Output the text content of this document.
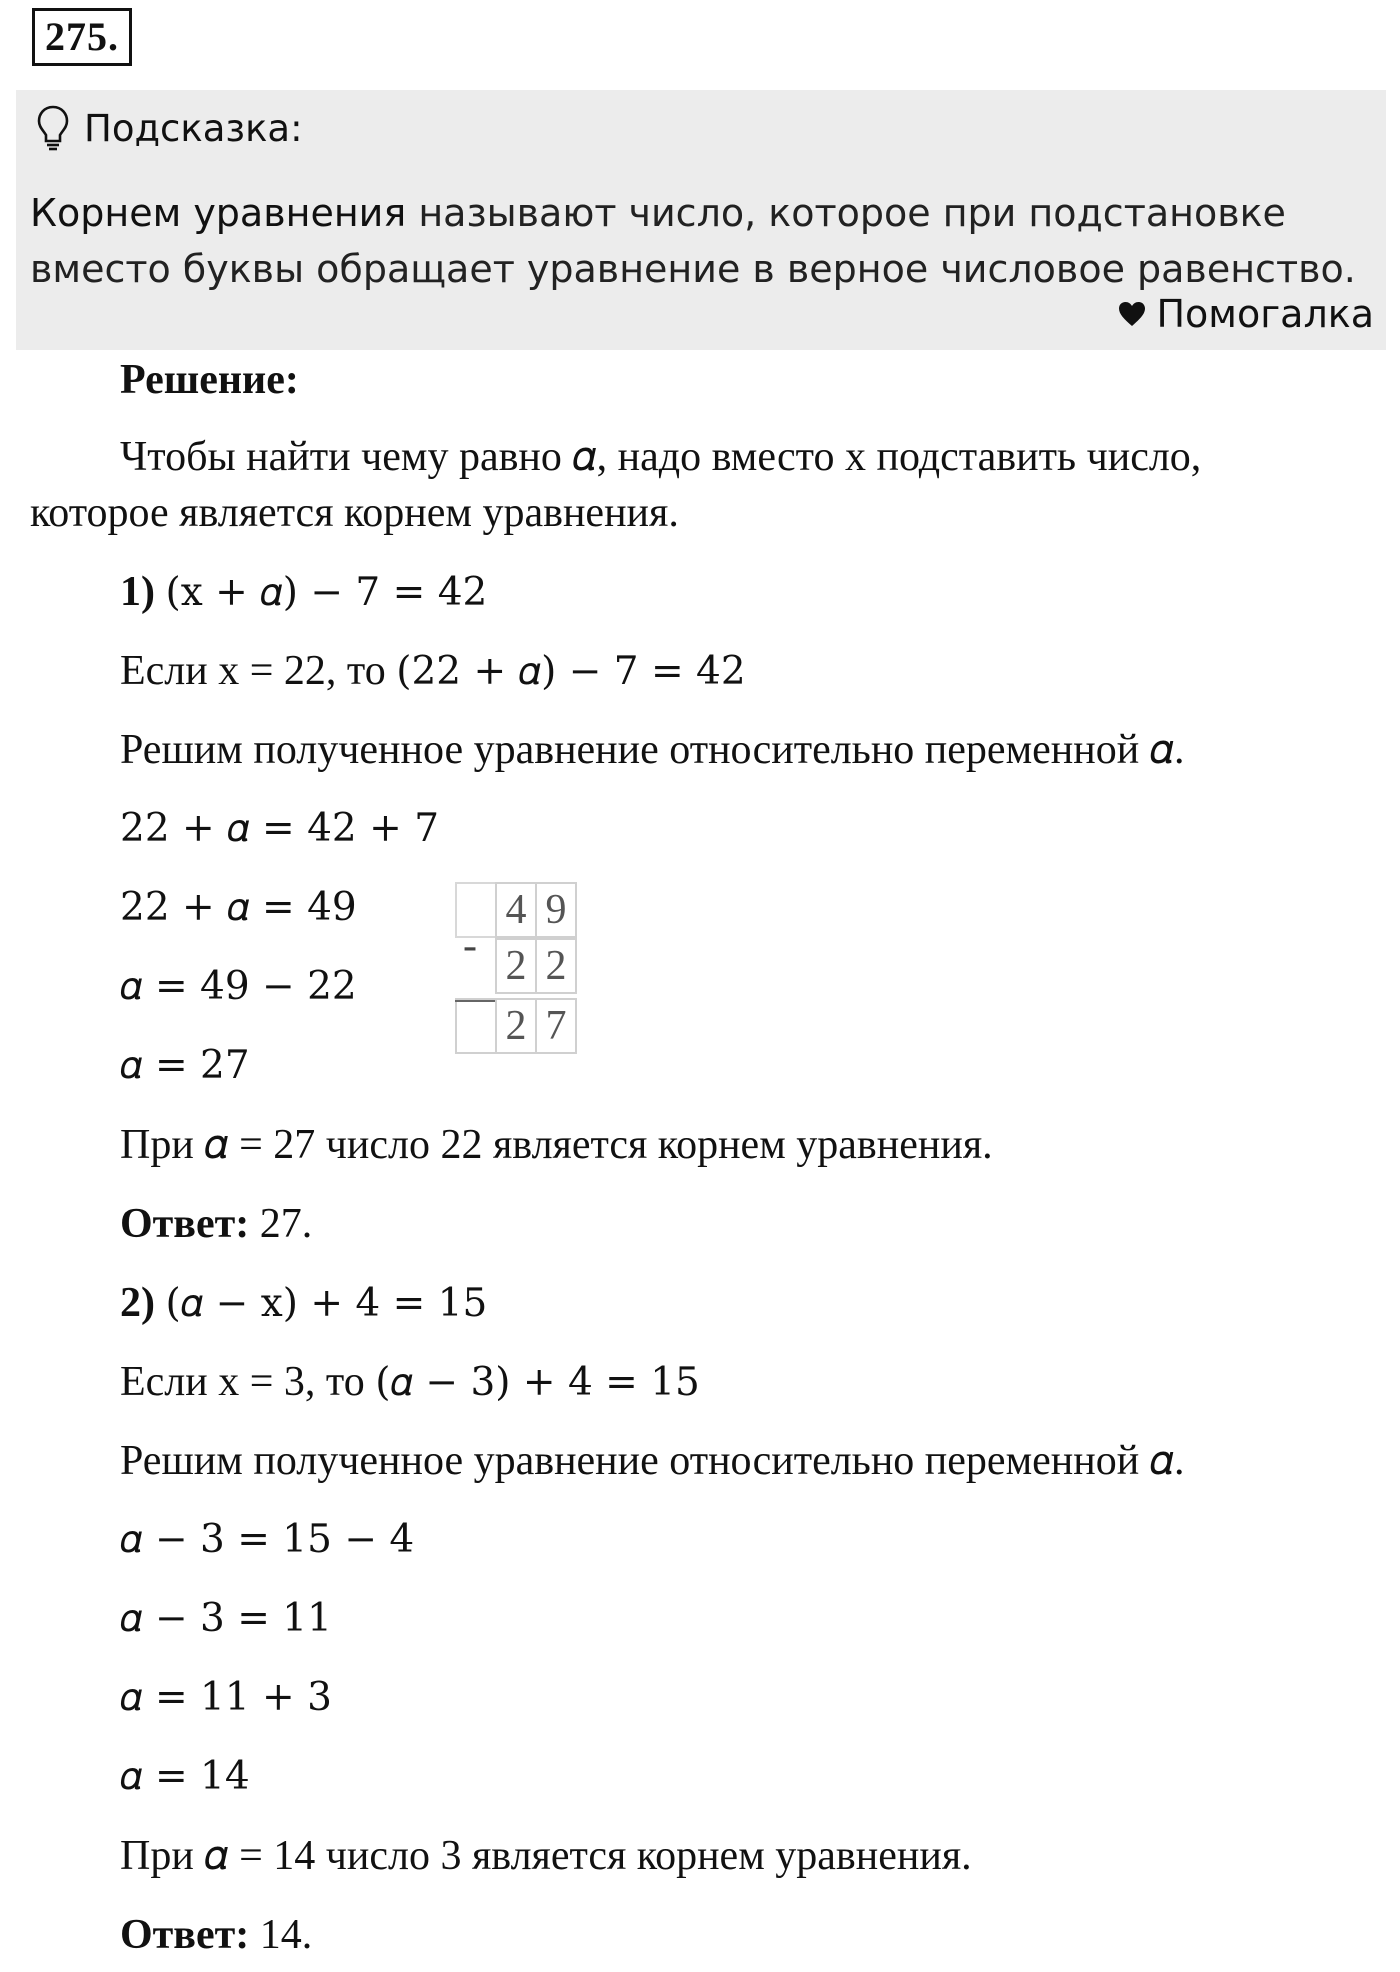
275.
Подсказка:
Корнем уравнения называют число, которое при подстановке
вместо буквы обращает уравнение в верное числовое равенство.
Помогалка
Решение:
Чтобы найти чему равно 𝛼, надо вместо x подставить число,
которое является корнем уравнения.
1) (x + 𝛼) − 7 = 42
Если x = 22, то (22 + 𝛼) − 7 = 42
Решим полученное уравнение относительно переменной 𝛼.
22 + 𝛼 = 42 + 7
22 + 𝛼 = 49
𝛼 = 49 − 22
𝛼 = 27
4 9
2 2
2 7
-
При 𝛼 = 27 число 22 является корнем уравнения.
Ответ: 27.
2) (𝛼 − x) + 4 = 15
Если x = 3, то (𝛼 − 3) + 4 = 15
Решим полученное уравнение относительно переменной 𝛼.
𝛼 − 3 = 15 − 4
𝛼 − 3 = 11
𝛼 = 11 + 3
𝛼 = 14
При 𝛼 = 14 число 3 является корнем уравнения.
Ответ: 14.
